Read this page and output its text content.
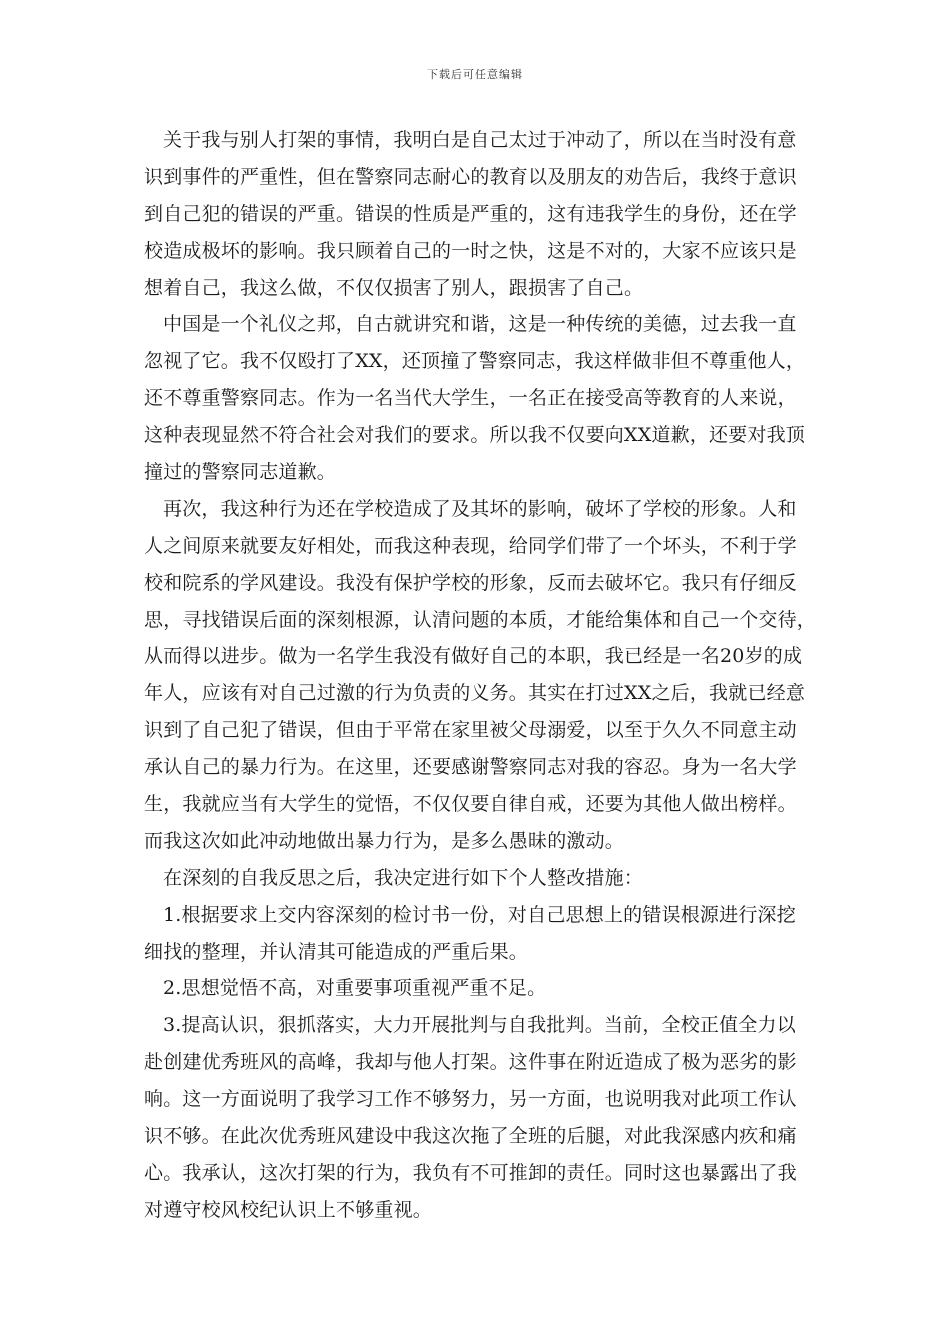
下载后可任意编辑
关于我与别人打架的事情，我明白是自己太过于冲动了，所以在当时没有意
识到事件的严重性，但在警察同志耐心的教育以及朋友的劝告后，我终于意识
到自己犯的错误的严重。错误的性质是严重的，这有违我学生的身份，还在学
校造成极坏的影响。我只顾着自己的一时之快，这是不对的，大家不应该只是
想着自己，我这么做，不仅仅损害了别人，跟损害了自己。
中国是一个礼仪之邦，自古就讲究和谐，这是一种传统的美德，过去我一直
忽视了它。我不仅殴打了XX，还顶撞了警察同志，我这样做非但不尊重他人，
还不尊重警察同志。作为一名当代大学生，一名正在接受高等教育的人来说，
这种表现显然不符合社会对我们的要求。所以我不仅要向XX道歉，还要对我顶
撞过的警察同志道歉。
再次，我这种行为还在学校造成了及其坏的影响，破坏了学校的形象。人和
人之间原来就要友好相处，而我这种表现，给同学们带了一个坏头，不利于学
校和院系的学风建设。我没有保护学校的形象，反而去破坏它。我只有仔细反
思，寻找错误后面的深刻根源，认清问题的本质，才能给集体和自己一个交待，
从而得以进步。做为一名学生我没有做好自己的本职，我已经是一名20岁的成
年人，应该有对自己过激的行为负责的义务。其实在打过XX之后，我就已经意
识到了自己犯了错误，但由于平常在家里被父母溺爱，以至于久久不同意主动
承认自己的暴力行为。在这里，还要感谢警察同志对我的容忍。身为一名大学
生，我就应当有大学生的觉悟，不仅仅要自律自戒，还要为其他人做出榜样。
而我这次如此冲动地做出暴力行为，是多么愚昧的激动。
在深刻的自我反思之后，我决定进行如下个人整改措施：
1.根据要求上交内容深刻的检讨书一份，对自己思想上的错误根源进行深挖
细找的整理，并认清其可能造成的严重后果。
2.思想觉悟不高，对重要事项重视严重不足。
3.提高认识，狠抓落实，大力开展批判与自我批判。当前，全校正值全力以
赴创建优秀班风的高峰，我却与他人打架。这件事在附近造成了极为恶劣的影
响。这一方面说明了我学习工作不够努力，另一方面，也说明我对此项工作认
识不够。在此次优秀班风建设中我这次拖了全班的后腿，对此我深感内疚和痛
心。我承认，这次打架的行为，我负有不可推卸的责任。同时这也暴露出了我
对遵守校风校纪认识上不够重视。
